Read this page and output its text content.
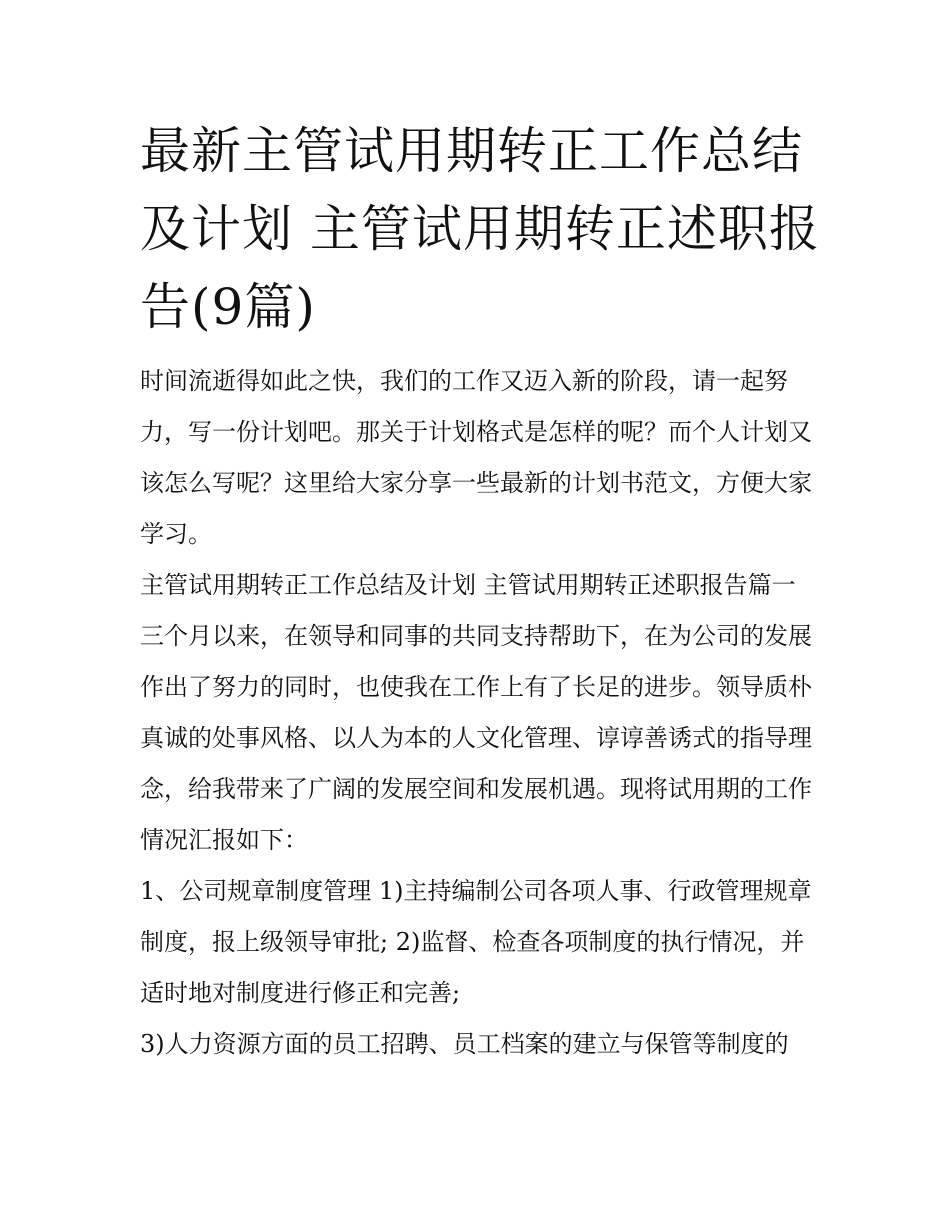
最新主管试用期转正工作总结及计划 主管试用期转正述职报告(9篇)

时间流逝得如此之快，我们的工作又迈入新的阶段，请一起努力，写一份计划吧。那关于计划格式是怎样的呢？而个人计划又该怎么写呢？这里给大家分享一些最新的计划书范文，方便大家学习。

主管试用期转正工作总结及计划 主管试用期转正述职报告篇一

三个月以来，在领导和同事的共同支持帮助下，在为公司的发展作出了努力的同时，也使我在工作上有了长足的进步。领导质朴真诚的处事风格、以人为本的人文化管理、谆谆善诱式的指导理念，给我带来了广阔的发展空间和发展机遇。现将试用期的工作情况汇报如下：

1、公司规章制度管理 1)主持编制公司各项人事、行政管理规章制度，报上级领导审批; 2)监督、检查各项制度的执行情况，并适时地对制度进行修正和完善;

3)人力资源方面的员工招聘、员工档案的建立与保管等制度的
